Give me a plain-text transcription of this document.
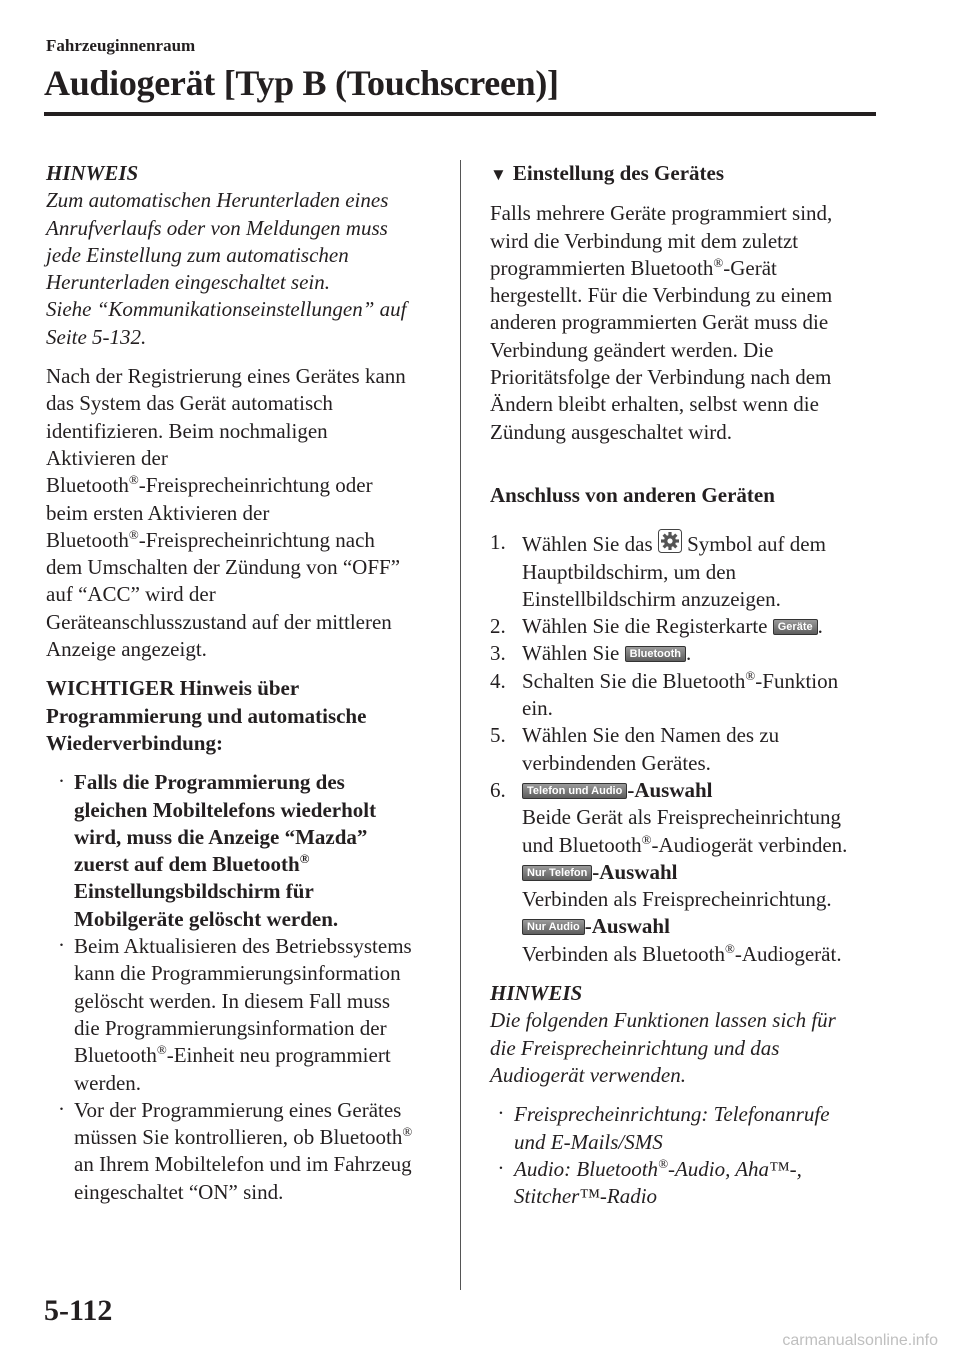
Fahrzeuginnenraum
Audiogerät [Typ B (Touchscreen)]

HINWEIS

Zum automatischen Herunterladen eines

Anrufverlaufs oder von Meldungen muss

jede Einstellung zum automatischen

Herunterladen eingeschaltet sein.

Siehe “Kommunikationseinstellungen” auf

Seite 5-132.

Nach der Registrierung eines Gerätes kann

das System das Gerät automatisch

identifizieren. Beim nochmaligen

Aktivieren der

Bluetooth®-Freisprecheinrichtung oder

beim ersten Aktivieren der

Bluetooth®-Freisprecheinrichtung nach

dem Umschalten der Zündung von “OFF”

auf “ACC” wird der

Geräteanschlusszustand auf der mittleren

Anzeige angezeigt.

WICHTIGER Hinweis über

Programmierung und automatische

Wiederverbindung:

· Falls die Programmierung des

gleichen Mobiltelefons wiederholt

wird, muss die Anzeige “Mazda”

zuerst auf dem Bluetooth®

Einstellungsbildschirm für

Mobilgeräte gelöscht werden.

· Beim Aktualisieren des Betriebssystems

kann die Programmierungsinformation

gelöscht werden. In diesem Fall muss

die Programmierungsinformation der

Bluetooth®-Einheit neu programmiert

werden.

· Vor der Programmierung eines Gerätes

müssen Sie kontrollieren, ob Bluetooth®

an Ihrem Mobiltelefon und im Fahrzeug

eingeschaltet “ON” sind.

▼ Einstellung des Gerätes

Falls mehrere Geräte programmiert sind,

wird die Verbindung mit dem zuletzt

programmierten Bluetooth®-Gerät

hergestellt. Für die Verbindung zu einem

anderen programmierten Gerät muss die

Verbindung geändert werden. Die

Prioritätsfolge der Verbindung nach dem

Ändern bleibt erhalten, selbst wenn die

Zündung ausgeschaltet wird.

Anschluss von anderen Geräten

1. Wählen Sie das Symbol auf dem

Hauptbildschirm, um den

Einstellbildschirm anzuzeigen.

2. Wählen Sie die Registerkarte Geräte .

3. Wählen Sie Bluetooth .

4. Schalten Sie die Bluetooth®-Funktion

ein.

5. Wählen Sie den Namen des zu

verbindenden Gerätes.

6.	Telefon und Audio -Auswahl

Beide Gerät als Freisprecheinrichtung

und Bluetooth®-Audiogerät verbinden.

Nur Telefon -Auswahl

Verbinden als Freisprecheinrichtung.

Nur Audio -Auswahl

Verbinden als Bluetooth®-Audiogerät.

HINWEIS

Die folgenden Funktionen lassen sich für

die Freisprecheinrichtung und das

Audiogerät verwenden.

· Freisprecheinrichtung: Telefonanrufe

und E-Mails/SMS

· Audio: Bluetooth®-Audio, Aha™-,

Stitcher™-Radio

5-112
carmanualsonline.info
